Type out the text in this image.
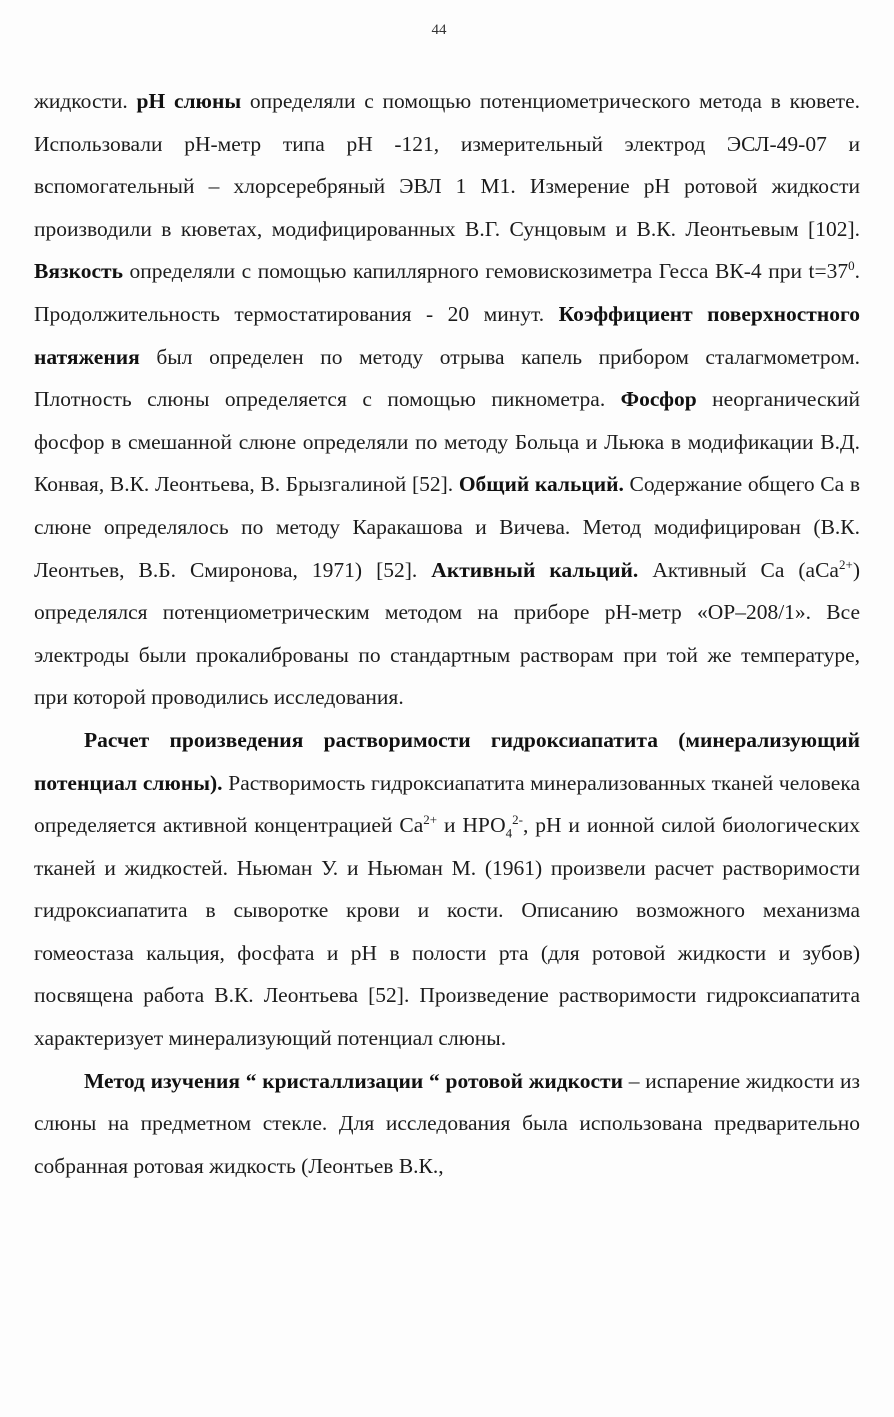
44

жидкости. рН слюны определяли с помощью потенциометрического метода в кювете. Использовали рН-метр типа рН -121, измерительный электрод ЭСЛ-49-07 и вспомогательный – хлорсеребряный ЭВЛ 1 М1. Измерение рН ротовой жидкости производили в кюветах, модифицированных В.Г. Сунцовым и В.К. Леонтьевым [102]. Вязкость определяли с помощью капиллярного гемовискозиметра Гесса ВК-4 при $t=37^0$. Продолжительность термостатирования - 20 минут. Коэффициент поверхностного натяжения был определен по методу отрыва капель прибором сталагмометром. Плотность слюны определяется с помощью пикнометра. Фосфор неорганический фосфор в смешанной слюне определяли по методу Больца и Льюка в модификации В.Д. Конвая, В.К. Леонтьева, В. Брызгалиной [52]. Общий кальций. Содержание общего Са в слюне определялось по методу Каракашова и Вичева. Метод модифицирован (В.К. Леонтьев, В.Б. Смиронова, 1971) [52]. Активный кальций. Активный Са (аСа$^{2+}$) определялся потенциометрическим методом на приборе рН-метр «ОР–208/1». Все электроды были прокалиброваны по стандартным растворам при той же температуре, при которой проводились исследования.

Расчет произведения растворимости гидроксиапатита (минерализующий потенциал слюны). Растворимость гидроксиапатита минерализованных тканей человека определяется активной концентрацией $Са^{2+}$ и $НРО_4^{2-}$, рН и ионной силой биологических тканей и жидкостей. Ньюман У. и Ньюман М. (1961) произвели расчет растворимости гидроксиапатита в сыворотке крови и кости. Описанию возможного механизма гомеостаза кальция, фосфата и рН в полости рта (для ротовой жидкости и зубов) посвящена работа В.К. Леонтьева [52]. Произведение растворимости гидроксиапатита характеризует минерализующий потенциал слюны.

Метод изучения “ кристаллизации “ ротовой жидкости – испарение жидкости из слюны на предметном стекле. Для исследования была использована предварительно собранная ротовая жидкость (Леонтьев В.К.,
